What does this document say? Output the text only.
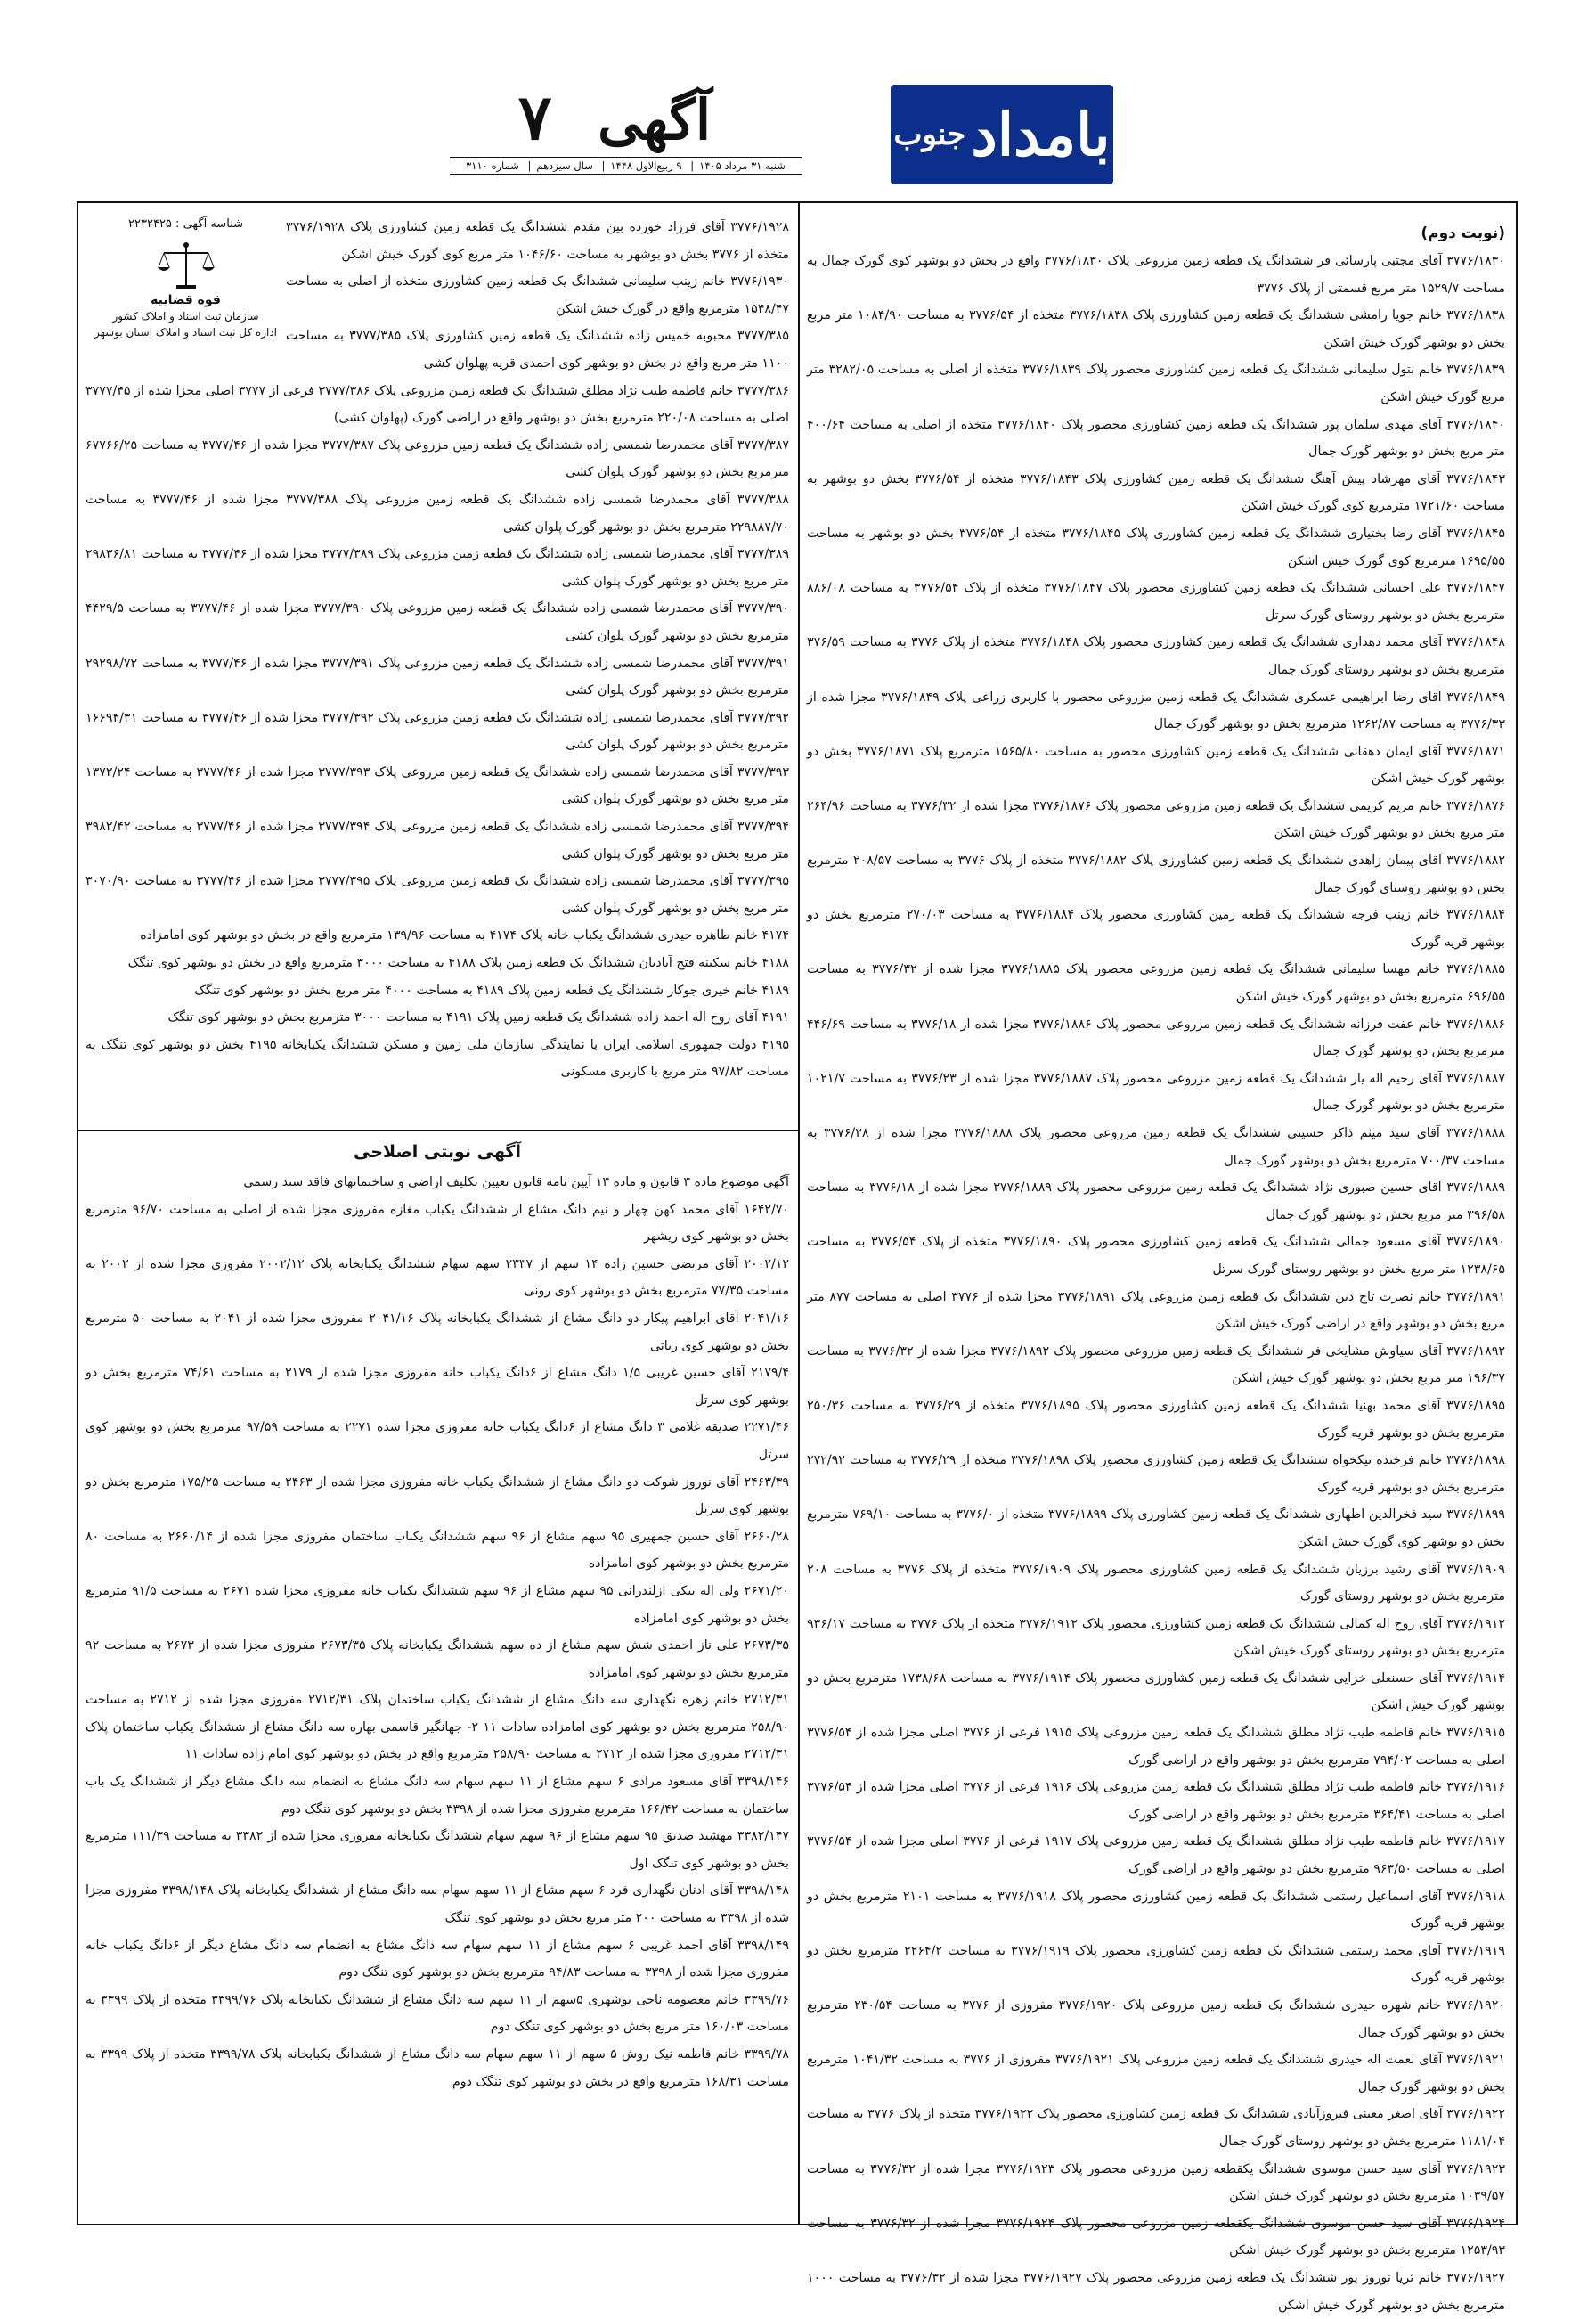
بامداد
جنوب
آگهی ۷
شنبه ۳۱ مرداد ۱۴۰۵| ۹ ربیع‌الاول ۱۴۴۸| سال سیزدهم| شماره ۳۱۱۰

(نوبت دوم)

۳۷۷۶/۱۸۳۰ آقای مجتبی پارسائی فر ششدانگ یک قطعه زمین مزروعی پلاک ۳۷۷۶/۱۸۳۰ واقع در بخش دو بوشهر کوی گورک جمال به مساحت ۱۵۲۹/۷ متر مربع قسمتی از پلاک ۳۷۷۶

۳۷۷۶/۱۸۳۸ خانم جویا رامشی ششدانگ یک قطعه زمین کشاورزی پلاک ۳۷۷۶/۱۸۳۸ متخذه از ۳۷۷۶/۵۴ به مساحت ۱۰۸۴/۹۰ متر مربع بخش دو بوشهر گورک خیش اشکن

۳۷۷۶/۱۸۳۹ خانم بتول سلیمانی ششدانگ یک قطعه زمین کشاورزی محصور پلاک ۳۷۷۶/۱۸۳۹ متخذه از اصلی به مساحت ۳۲۸۲/۰۵ متر مربع گورک خیش اشکن

۳۷۷۶/۱۸۴۰ آقای مهدی سلمان پور ششدانگ یک قطعه زمین کشاورزی محصور پلاک ۳۷۷۶/۱۸۴۰ متخذه از اصلی به مساحت ۴۰۰/۶۴ متر مربع بخش دو بوشهر گورک جمال

۳۷۷۶/۱۸۴۳ آقای مهرشاد پیش آهنگ ششدانگ یک قطعه زمین کشاورزی پلاک ۳۷۷۶/۱۸۴۳ متخذه از ۳۷۷۶/۵۴ بخش دو بوشهر به مساحت ۱۷۲۱/۶۰ مترمربع کوی گورک خیش اشکن

۳۷۷۶/۱۸۴۵ آقای رضا بختیاری ششدانگ یک قطعه زمین کشاورزی پلاک ۳۷۷۶/۱۸۴۵ متخذه از ۳۷۷۶/۵۴ بخش دو بوشهر به مساحت ۱۶۹۵/۵۵ مترمربع کوی گورک خیش اشکن

۳۷۷۶/۱۸۴۷ علی احسانی ششدانگ یک قطعه زمین کشاورزی محصور پلاک ۳۷۷۶/۱۸۴۷ متخذه از پلاک ۳۷۷۶/۵۴ به مساحت ۸۸۶/۰۸ مترمربع بخش دو بوشهر روستای گورک سرتل

۳۷۷۶/۱۸۴۸ آقای محمد دهداری ششدانگ یک قطعه زمین کشاورزی محصور پلاک ۳۷۷۶/۱۸۴۸ متخذه از پلاک ۳۷۷۶ به مساحت ۳۷۶/۵۹ مترمربع بخش دو بوشهر روستای گورک جمال

۳۷۷۶/۱۸۴۹ آقای رضا ابراهیمی عسکری ششدانگ یک قطعه زمین مزروعی محصور با کاربری زراعی پلاک ۳۷۷۶/۱۸۴۹ مجزا شده از ۳۷۷۶/۳۳ به مساحت ۱۲۶۲/۸۷ مترمربع بخش دو بوشهر گورک جمال

۳۷۷۶/۱۸۷۱ آقای ایمان دهقانی ششدانگ یک قطعه زمین کشاورزی محصور به مساحت ۱۵۶۵/۸۰ مترمربع پلاک ۳۷۷۶/۱۸۷۱ بخش دو بوشهر گورک خیش اشکن

۳۷۷۶/۱۸۷۶ خانم مریم کریمی ششدانگ یک قطعه زمین مزروعی محصور پلاک ۳۷۷۶/۱۸۷۶ مجزا شده از ۳۷۷۶/۳۲ به مساحت ۲۶۴/۹۶ متر مربع بخش دو بوشهر گورک خیش اشکن

۳۷۷۶/۱۸۸۲ آقای پیمان زاهدی ششدانگ یک قطعه زمین کشاورزی پلاک ۳۷۷۶/۱۸۸۲ متخذه از پلاک ۳۷۷۶ به مساحت ۲۰۸/۵۷ مترمربع بخش دو بوشهر روستای گورک جمال

۳۷۷۶/۱۸۸۴ خانم زینب فرجه ششدانگ یک قطعه زمین کشاورزی محصور پلاک ۳۷۷۶/۱۸۸۴ به مساحت ۲۷۰/۰۳ مترمربع بخش دو بوشهر قریه گورک

۳۷۷۶/۱۸۸۵ خانم مهسا سلیمانی ششدانگ یک قطعه زمین مزروعی محصور پلاک ۳۷۷۶/۱۸۸۵ مجزا شده از ۳۷۷۶/۳۲ به مساحت ۶۹۶/۵۵ مترمربع بخش دو بوشهر گورک خیش اشکن

۳۷۷۶/۱۸۸۶ خانم عفت فرزانه ششدانگ یک قطعه زمین مزروعی محصور پلاک ۳۷۷۶/۱۸۸۶ مجزا شده از ۳۷۷۶/۱۸ به مساحت ۴۴۶/۶۹ مترمربع بخش دو بوشهر گورک جمال

۳۷۷۶/۱۸۸۷ آقای رحیم اله یار ششدانگ یک قطعه زمین مزروعی محصور پلاک ۳۷۷۶/۱۸۸۷ مجزا شده از ۳۷۷۶/۲۳ به مساحت ۱۰۲۱/۷ مترمربع بخش دو بوشهر گورک جمال

۳۷۷۶/۱۸۸۸ آقای سید میثم ذاکر حسینی ششدانگ یک قطعه زمین مزروعی محصور پلاک ۳۷۷۶/۱۸۸۸ مجزا شده از ۳۷۷۶/۲۸ به مساحت ۷۰۰/۳۷ مترمربع بخش دو بوشهر گورک جمال

۳۷۷۶/۱۸۸۹ آقای حسین صبوری نژاد ششدانگ یک قطعه زمین مزروعی محصور پلاک ۳۷۷۶/۱۸۸۹ مجزا شده از ۳۷۷۶/۱۸ به مساحت ۳۹۶/۵۸ متر مربع بخش دو بوشهر گورک جمال

۳۷۷۶/۱۸۹۰ آقای مسعود جمالی ششدانگ یک قطعه زمین کشاورزی محصور پلاک ۳۷۷۶/۱۸۹۰ متخذه از پلاک ۳۷۷۶/۵۴ به مساحت ۱۲۳۸/۶۵ متر مربع بخش دو بوشهر روستای گورک سرتل

۳۷۷۶/۱۸۹۱ خانم نصرت تاج دین ششدانگ یک قطعه زمین مزروعی پلاک ۳۷۷۶/۱۸۹۱ مجزا شده از ۳۷۷۶ اصلی به مساحت ۸۷۷ متر مربع بخش دو بوشهر واقع در اراضی گورک خیش اشکن

۳۷۷۶/۱۸۹۲ آقای سیاوش مشایخی فر ششدانگ یک قطعه زمین مزروعی محصور پلاک ۳۷۷۶/۱۸۹۲ مجزا شده از ۳۷۷۶/۳۲ به مساحت ۱۹۶/۳۷ متر مربع بخش دو بوشهر گورک خیش اشکن

۳۷۷۶/۱۸۹۵ آقای محمد بهنیا ششدانگ یک قطعه زمین کشاورزی محصور پلاک ۳۷۷۶/۱۸۹۵ متخذه از ۳۷۷۶/۲۹ به مساحت ۲۵۰/۳۶ مترمربع بخش دو بوشهر قریه گورک

۳۷۷۶/۱۸۹۸ خانم فرخنده نیکخواه ششدانگ یک قطعه زمین کشاورزی محصور پلاک ۳۷۷۶/۱۸۹۸ متخذه از ۳۷۷۶/۲۹ به مساحت ۲۷۲/۹۲ مترمربع بخش دو بوشهر قریه گورک

۳۷۷۶/۱۸۹۹ سید فخرالدین اطهاری ششدانگ یک قطعه زمین کشاورزی پلاک ۳۷۷۶/۱۸۹۹ متخذه از ۳۷۷۶/۰ به مساحت ۷۶۹/۱۰ مترمربع بخش دو بوشهر کوی گورک خیش اشکن

۳۷۷۶/۱۹۰۹ آقای رشید برزیان ششدانگ یک قطعه زمین کشاورزی محصور پلاک ۳۷۷۶/۱۹۰۹ متخذه از پلاک ۳۷۷۶ به مساحت ۲۰۸ مترمربع بخش دو بوشهر روستای گورک

۳۷۷۶/۱۹۱۲ آقای روح اله کمالی ششدانگ یک قطعه زمین کشاورزی محصور پلاک ۳۷۷۶/۱۹۱۲ متخذه از پلاک ۳۷۷۶ به مساحت ۹۳۶/۱۷ مترمربع بخش دو بوشهر روستای گورک خیش اشکن

۳۷۷۶/۱۹۱۴ آقای حسنعلی خزایی ششدانگ یک قطعه زمین کشاورزی محصور پلاک ۳۷۷۶/۱۹۱۴ به مساحت ۱۷۳۸/۶۸ مترمربع بخش دو بوشهر گورک خیش اشکن

۳۷۷۶/۱۹۱۵ خانم فاطمه طیب نژاد مطلق ششدانگ یک قطعه زمین مزروعی پلاک ۱۹۱۵ فرعی از ۳۷۷۶ اصلی مجزا شده از ۳۷۷۶/۵۴ اصلی به مساحت ۷۹۴/۰۲ مترمربع بخش دو بوشهر واقع در اراضی گورک

۳۷۷۶/۱۹۱۶ خانم فاطمه طیب نژاد مطلق ششدانگ یک قطعه زمین مزروعی پلاک ۱۹۱۶ فرعی از ۳۷۷۶ اصلی مجزا شده از ۳۷۷۶/۵۴ اصلی به مساحت ۳۶۴/۴۱ مترمربع بخش دو بوشهر واقع در اراضی گورک

۳۷۷۶/۱۹۱۷ خانم فاطمه طیب نژاد مطلق ششدانگ یک قطعه زمین مزروعی پلاک ۱۹۱۷ فرعی از ۳۷۷۶ اصلی مجزا شده از ۳۷۷۶/۵۴ اصلی به مساحت ۹۶۳/۵۰ مترمربع بخش دو بوشهر واقع در اراضی گورک

۳۷۷۶/۱۹۱۸ آقای اسماعیل رستمی ششدانگ یک قطعه زمین کشاورزی محصور پلاک ۳۷۷۶/۱۹۱۸ به مساحت ۲۱۰۱ مترمربع بخش دو بوشهر قریه گورک

۳۷۷۶/۱۹۱۹ آقای محمد رستمی ششدانگ یک قطعه زمین کشاورزی محصور پلاک ۳۷۷۶/۱۹۱۹ به مساحت ۲۲۶۴/۲ مترمربع بخش دو بوشهر قریه گورک

۳۷۷۶/۱۹۲۰ خانم شهره حیدری ششدانگ یک قطعه زمین مزروعی پلاک ۳۷۷۶/۱۹۲۰ مفروزی از ۳۷۷۶ به مساحت ۲۳۰/۵۴ مترمربع بخش دو بوشهر گورک جمال

۳۷۷۶/۱۹۲۱ آقای نعمت اله حیدری ششدانگ یک قطعه زمین مزروعی پلاک ۳۷۷۶/۱۹۲۱ مفروزی از ۳۷۷۶ به مساحت ۱۰۴۱/۳۲ مترمربع بخش دو بوشهر گورک جمال

۳۷۷۶/۱۹۲۲ آقای اصغر معینی فیروزآبادی ششدانگ یک قطعه زمین کشاورزی محصور پلاک ۳۷۷۶/۱۹۲۲ متخذه از پلاک ۳۷۷۶ به مساحت ۱۱۸۱/۰۴ مترمربع بخش دو بوشهر روستای گورک جمال

۳۷۷۶/۱۹۲۳ آقای سید حسن موسوی ششدانگ یکقطعه زمین مزروعی محصور پلاک ۳۷۷۶/۱۹۲۳ مجزا شده از ۳۷۷۶/۳۲ به مساحت ۱۰۳۹/۵۷ مترمربع بخش دو بوشهر گورک خیش اشکن

۳۷۷۶/۱۹۲۴ آقای سید حسن موسوی ششدانگ یکقطعه زمین مزروعی محصور پلاک ۳۷۷۶/۱۹۲۴ مجزا شده از ۳۷۷۶/۳۲ به مساحت ۱۲۵۳/۹۳ مترمربع بخش دو بوشهر گورک خیش اشکن

۳۷۷۶/۱۹۲۷ خانم ثریا نوروز پور ششدانگ یک قطعه زمین مزروعی محصور پلاک ۳۷۷۶/۱۹۲۷ مجزا شده از ۳۷۷۶/۳۲ به مساحت ۱۰۰۰ مترمربع بخش دو بوشهر گورک خیش اشکن

شناسه آگهی : ۲۲۳۲۴۲۵
قوه قضاییه
سازمان ثبت اسناد و املاک کشور
اداره کل ثبت اسناد و املاک استان بوشهر

۳۷۷۶/۱۹۲۸ آقای فرزاد خورده بین مقدم ششدانگ یک قطعه زمین کشاورزی پلاک ۳۷۷۶/۱۹۲۸ متخذه از ۳۷۷۶ بخش دو بوشهر به مساحت ۱۰۴۶/۶۰ متر مربع کوی گورک خیش اشکن

۳۷۷۶/۱۹۳۰ خانم زینب سلیمانی ششدانگ یک قطعه زمین کشاورزی متخذه از اصلی به مساحت ۱۵۴۸/۴۷ مترمربع واقع در گورک خیش اشکن

۳۷۷۷/۳۸۵ محبوبه خمیس زاده ششدانگ یک قطعه زمین کشاورزی پلاک ۳۷۷۷/۳۸۵ به مساحت ۱۱۰۰ متر مربع واقع در بخش دو بوشهر کوی احمدی قریه پهلوان کشی

۳۷۷۷/۳۸۶ خانم فاطمه طیب نژاد مطلق ششدانگ یک قطعه زمین مزروعی پلاک ۳۷۷۷/۳۸۶ فرعی از ۳۷۷۷ اصلی مجزا شده از ۳۷۷۷/۴۵ اصلی به مساحت ۲۲۰/۰۸ مترمربع بخش دو بوشهر واقع در اراضی گورک (پهلوان کشی)

۳۷۷۷/۳۸۷ آقای محمدرضا شمسی زاده ششدانگ یک قطعه زمین مزروعی پلاک ۳۷۷۷/۳۸۷ مجزا شده از ۳۷۷۷/۴۶ به مساحت ۶۷۷۶۶/۲۵ مترمربع بخش دو بوشهر گورک پلوان کشی

۳۷۷۷/۳۸۸ آقای محمدرضا شمسی زاده ششدانگ یک قطعه زمین مزروعی پلاک ۳۷۷۷/۳۸۸ مجزا شده از ۳۷۷۷/۴۶ به مساحت ۲۲۹۸۸۷/۷۰ مترمربع بخش دو بوشهر گورک پلوان کشی

۳۷۷۷/۳۸۹ آقای محمدرضا شمسی زاده ششدانگ یک قطعه زمین مزروعی پلاک ۳۷۷۷/۳۸۹ مجزا شده از ۳۷۷۷/۴۶ به مساحت ۲۹۸۳۶/۸۱ متر مربع بخش دو بوشهر گورک پلوان کشی

۳۷۷۷/۳۹۰ آقای محمدرضا شمسی زاده ششدانگ یک قطعه زمین مزروعی پلاک ۳۷۷۷/۳۹۰ مجزا شده از ۳۷۷۷/۴۶ به مساحت ۴۴۲۹/۵ مترمربع بخش دو بوشهر گورک پلوان کشی

۳۷۷۷/۳۹۱ آقای محمدرضا شمسی زاده ششدانگ یک قطعه زمین مزروعی پلاک ۳۷۷۷/۳۹۱ مجزا شده از ۳۷۷۷/۴۶ به مساحت ۲۹۲۹۸/۷۲ مترمربع بخش دو بوشهر گورک پلوان کشی

۳۷۷۷/۳۹۲ آقای محمدرضا شمسی زاده ششدانگ یک قطعه زمین مزروعی پلاک ۳۷۷۷/۳۹۲ مجزا شده از ۳۷۷۷/۴۶ به مساحت ۱۶۶۹۴/۳۱ مترمربع بخش دو بوشهر گورک پلوان کشی

۳۷۷۷/۳۹۳ آقای محمدرضا شمسی زاده ششدانگ یک قطعه زمین مزروعی پلاک ۳۷۷۷/۳۹۳ مجزا شده از ۳۷۷۷/۴۶ به مساحت ۱۳۷۲/۲۴ متر مربع بخش دو بوشهر گورک پلوان کشی

۳۷۷۷/۳۹۴ آقای محمدرضا شمسی زاده ششدانگ یک قطعه زمین مزروعی پلاک ۳۷۷۷/۳۹۴ مجزا شده از ۳۷۷۷/۴۶ به مساحت ۳۹۸۲/۴۲ متر مربع بخش دو بوشهر گورک پلوان کشی

۳۷۷۷/۳۹۵ آقای محمدرضا شمسی زاده ششدانگ یک قطعه زمین مزروعی پلاک ۳۷۷۷/۳۹۵ مجزا شده از ۳۷۷۷/۴۶ به مساحت ۳۰۷۰/۹۰ متر مربع بخش دو بوشهر گورک پلوان کشی

۴۱۷۴ خانم طاهره حیدری ششدانگ یکباب خانه پلاک ۴۱۷۴ به مساحت ۱۳۹/۹۶ مترمربع واقع در بخش دو بوشهر کوی امامزاده

۴۱۸۸ خانم سکینه فتح آبادیان ششدانگ یک قطعه زمین پلاک ۴۱۸۸ به مساحت ۳۰۰۰ مترمربع واقع در بخش دو بوشهر کوی تنگک

۴۱۸۹ خانم خیری جوکار ششدانگ یک قطعه زمین پلاک ۴۱۸۹ به مساحت ۴۰۰۰ متر مربع بخش دو بوشهر کوی تنگک

۴۱۹۱ آقای روح اله احمد زاده ششدانگ یک قطعه زمین پلاک ۴۱۹۱ به مساحت ۳۰۰۰ مترمربع بخش دو بوشهر کوی تنگک

۴۱۹۵ دولت جمهوری اسلامی ایران با نمایندگی سازمان ملی زمین و مسکن ششدانگ یکبابخانه ۴۱۹۵ بخش دو بوشهر کوی تنگک به مساحت ۹۷/۸۲ متر مربع با کاربری مسکونی

آگهی نوبتی اصلاحی

آگهی موضوع ماده ۳ قانون و ماده ۱۳ آیین نامه قانون تعیین تکلیف اراضی و ساختمانهای فاقد سند رسمی

۱۶۴۲/۷۰ آقای محمد کهن چهار و نیم دانگ مشاع از ششدانگ یکباب مغازه مفروزی مجزا شده از اصلی به مساحت ۹۶/۷۰ مترمربع بخش دو بوشهر کوی ریشهر

۲۰۰۲/۱۲ آقای مرتضی حسین زاده ۱۴ سهم از ۲۳۳۷ سهم سهام ششدانگ یکبابخانه پلاک ۲۰۰۲/۱۲ مفروزی مجزا شده از ۲۰۰۲ به مساحت ۷۷/۳۵ مترمربع بخش دو بوشهر کوی رونی

۲۰۴۱/۱۶ آقای ابراهیم پیکار دو دانگ مشاع از ششدانگ یکبابخانه پلاک ۲۰۴۱/۱۶ مفروزی مجزا شده از ۲۰۴۱ به مساحت ۵۰ مترمربع بخش دو بوشهر کوی ریاتی

۲۱۷۹/۴ آقای حسین غریبی ۱/۵ دانگ مشاع از ۶دانگ یکباب خانه مفروزی مجزا شده از ۲۱۷۹ به مساحت ۷۴/۶۱ مترمربع بخش دو بوشهر کوی سرتل

۲۲۷۱/۴۶ صدیقه غلامی ۳ دانگ مشاع از ۶دانگ یکباب خانه مفروزی مجزا شده ۲۲۷۱ به مساحت ۹۷/۵۹ مترمربع بخش دو بوشهر کوی سرتل

۲۴۶۳/۳۹ آقای نوروز شوکت دو دانگ مشاع از ششدانگ یکباب خانه مفروزی مجزا شده از ۲۴۶۳ به مساحت ۱۷۵/۲۵ مترمربع بخش دو بوشهر کوی سرتل

۲۶۶۰/۲۸ آقای حسین جمهیری ۹۵ سهم مشاع از ۹۶ سهم ششدانگ یکباب ساختمان مفروزی مجزا شده از ۲۶۶۰/۱۴ به مساحت ۸۰ مترمربع بخش دو بوشهر کوی امامزاده

۲۶۷۱/۲۰ ولی اله بیکی ازلندرانی ۹۵ سهم مشاع از ۹۶ سهم ششدانگ یکباب خانه مفروزی مجزا شده ۲۶۷۱ به مساحت ۹۱/۵ مترمربع بخش دو بوشهر کوی امامزاده

۲۶۷۳/۳۵ علی ناز احمدی شش سهم مشاع از ده سهم ششدانگ یکبابخانه پلاک ۲۶۷۳/۳۵ مفروزی مجزا شده از ۲۶۷۳ به مساحت ۹۲ مترمربع بخش دو بوشهر کوی امامزاده

۲۷۱۲/۳۱ خانم زهره نگهداری سه دانگ مشاع از ششدانگ یکباب ساختمان پلاک ۲۷۱۲/۳۱ مفروزی مجزا شده از ۲۷۱۲ به مساحت ۲۵۸/۹۰ مترمربع بخش دو بوشهر کوی امامزاده سادات ۱۱ ۲- جهانگیر قاسمی بهاره سه دانگ مشاع از ششدانگ یکباب ساختمان پلاک ۲۷۱۲/۳۱ مفروزی مجزا شده از ۲۷۱۲ به مساحت ۲۵۸/۹۰ مترمربع واقع در بخش دو بوشهر کوی امام زاده سادات ۱۱

۳۳۹۸/۱۴۶ آقای مسعود مرادی ۶ سهم مشاع از ۱۱ سهم سهام سه دانگ مشاع به انضمام سه دانگ مشاع دیگر از ششدانگ یک باب ساختمان به مساحت ۱۶۶/۴۲ مترمربع مفروزی مجزا شده از ۳۳۹۸ بخش دو بوشهر کوی تنگک دوم

۳۳۸۲/۱۴۷ مهشید صدیق ۹۵ سهم مشاع از ۹۶ سهم سهام ششدانگ یکبابخانه مفروزی مجزا شده از ۳۳۸۲ به مساحت ۱۱۱/۳۹ مترمربع بخش دو بوشهر کوی تنگک اول

۳۳۹۸/۱۴۸ آقای ادنان نگهداری فرد ۶ سهم مشاع از ۱۱ سهم سهام سه دانگ مشاع از ششدانگ یکبابخانه پلاک ۳۳۹۸/۱۴۸ مفروزی مجزا شده از ۳۳۹۸ به مساحت ۲۰۰ متر مربع بخش دو بوشهر کوی تنگک

۳۳۹۸/۱۴۹ آقای احمد غریبی ۶ سهم مشاع از ۱۱ سهم سهام سه دانگ مشاع به انضمام سه دانگ مشاع دیگر از ۶دانگ یکباب خانه مفروزی مجزا شده از ۳۳۹۸ به مساحت ۹۴/۸۳ مترمربع بخش دو بوشهر کوی تنگک دوم

۳۳۹۹/۷۶ خانم معصومه ناجی بوشهری ۵سهم از ۱۱ سهم سه دانگ مشاع از ششدانگ یکبابخانه پلاک ۳۳۹۹/۷۶ متخذه از پلاک ۳۳۹۹ به مساحت ۱۶۰/۰۳ متر مربع بخش دو بوشهر کوی تنگک دوم

۳۳۹۹/۷۸ خانم فاطمه نیک روش ۵ سهم از ۱۱ سهم سهام سه دانگ مشاع از ششدانگ یکبابخانه پلاک ۳۳۹۹/۷۸ متخذه از پلاک ۳۳۹۹ به مساحت ۱۶۸/۳۱ مترمربع واقع در بخش دو بوشهر کوی تنگک دوم
